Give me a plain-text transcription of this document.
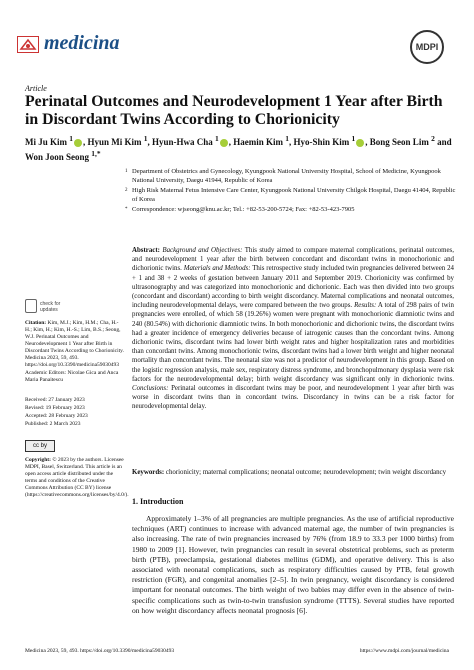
medicina	MDPI
Article
Perinatal Outcomes and Neurodevelopment 1 Year after Birth in Discordant Twins According to Chorionicity
Mi Ju Kim $^1$ , Hyun Mi Kim $^1$, Hyun-Hwa Cha $^1$ , Haemin Kim $^1$, Hyo-Shin Kim $^1$ , Bong Seon Lim $^2$ and Won Joon Seong $^{1,*}$
1 Department of Obstetrics and Gynecology, Kyungpook National University Hospital, School of Medicine, Kyungpook National University, Daegu 41944, Republic of Korea
2 High Risk Maternal Fetus Intensive Care Center, Kyungpook National University Chilgok Hospital, Daegu 41404, Republic of Korea
* Correspondence: wjseong@knu.ac.kr; Tel.: +82-53-200-5724; Fax: +82-53-423-7905
Abstract: Background and Objectives: This study aimed to compare maternal complications, perinatal outcomes, and neurodevelopment 1 year after the birth between concordant and discordant twins in monochorionic and dichorionic twins. Materials and Methods: This retrospective study included twin pregnancies delivered between 24 + 1 and 38 + 2 weeks of gestation between January 2011 and September 2019. Chorionicity was confirmed by ultrasonography and was categorized into monochorionic and dichorionic. Each was then divided into two groups (concordant and discordant) according to birth weight discordancy. Maternal complications and neonatal outcomes, including neurodevelopmental delays, were compared between the two groups. Results: A total of 298 pairs of twin pregnancies were enrolled, of which 58 (19.26%) women were pregnant with monochorionic diamniotic twins and 240 (80.54%) with dichorionic diamniotic twins. In both monochorionic and dichorionic twins, the discordant twins had a greater incidence of emergency deliveries because of iatrogenic causes than the concordant twins. Among dichorionic twins, discordant twins had lower birth weight rates and higher hospitalization rates and morbidities than concordant twins. Among monochorionic twins, discordant twins had a lower birth weight and higher neonatal mortality than concordant twins. The neonatal size was not a predictor of neurodevelopment in this group. Based on the logistic regression analysis, male sex, respiratory distress syndrome, and bronchopulmonary dysplasia were risk factors for the neurodevelopmental delay; birth weight discordancy was significant only in dichorionic twins. Conclusions: Perinatal outcomes in discordant twins may be poor, and neurodevelopment 1 year after birth was worse in discordant twins than in concordant twins. Discordancy in twins can be a risk factor for neurodevelopmental delay.
Keywords: chorionicity; maternal complications; neonatal outcome; neurodevelopment; twin weight discordancy
1. Introduction
Approximately 1–3% of all pregnancies are multiple pregnancies. As the use of artificial reproductive techniques (ART) continues to increase with advanced maternal age, the number of twin pregnancies is also increasing. The rate of twin pregnancies increased by 76% (from 18.9 to 33.3 per 1000 births) from 1980 to 2009 [1]. However, twin pregnancies can result in several obstetrical problems, such as preterm birth (PTB), preeclampsia, gestational diabetes mellitus (GDM), and operative delivery. This is also associated with neonatal complications, such as respiratory difficulties caused by PTB, fetal growth restriction (FGR), and congenital anomalies [2–5]. In twin pregnancy, weight discordancy is considered important for neonatal outcomes. The birth weight of two babies may differ even in the absence of twin-specific complications such as twin-to-twin transfusion syndrome (TTTS). Several studies have reported on how weight discordancy affects neonatal prognosis [6].
check for updates
Citation: Kim, M.J.; Kim, H.M.; Cha, H.-H.; Kim, H.; Kim, H.-S.; Lim, B.S.; Seong, W.J. Perinatal Outcomes and Neurodevelopment 1 Year after Birth in Discordant Twins According to Chorionicity. Medicina 2023, 59, 493. https://doi.org/10.3390/medicina59030493
Academic Editors: Nicolae Gica and Anca Maria Panaitescu
Received: 27 January 2023
Revised: 19 February 2023
Accepted: 28 February 2023
Published: 2 March 2023
cc by
Copyright: © 2023 by the authors. Licensee MDPI, Basel, Switzerland. This article is an open access article distributed under the terms and conditions of the Creative Commons Attribution (CC BY) license (https://creativecommons.org/licenses/by/4.0/).
Medicina 2023, 59, 493. https://doi.org/10.3390/medicina59030493	https://www.mdpi.com/journal/medicina
